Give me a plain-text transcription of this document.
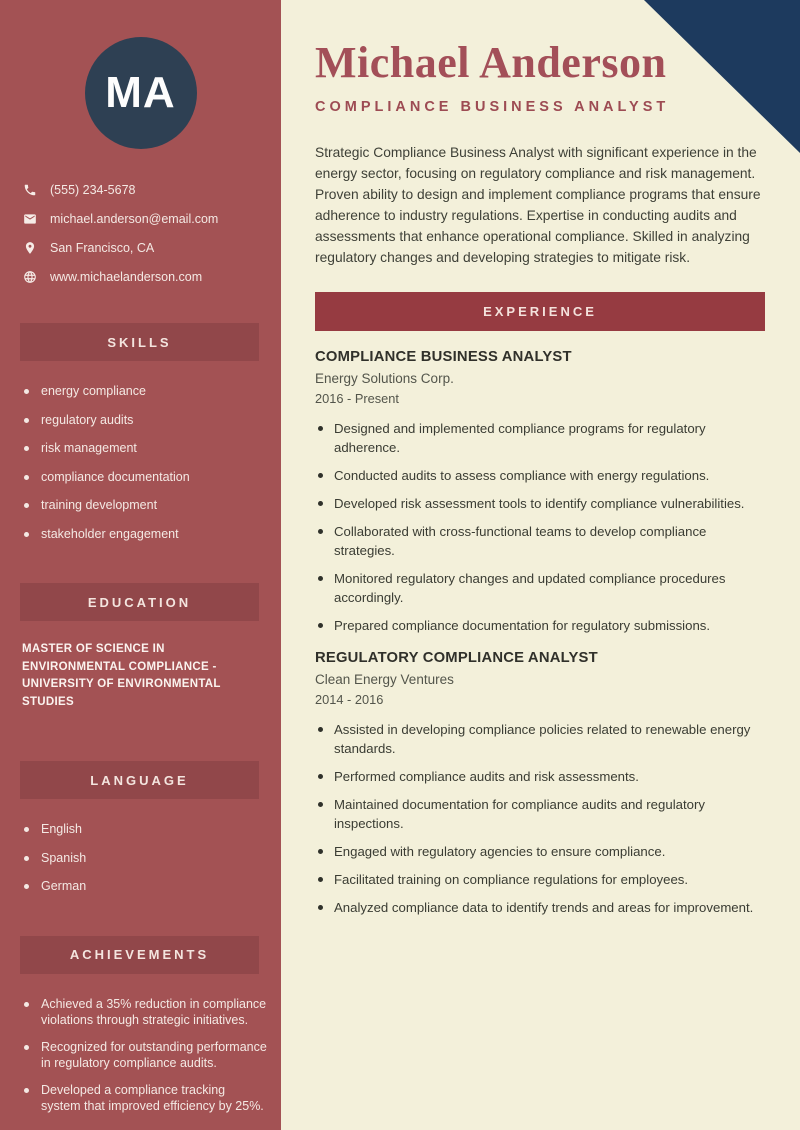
MA
(555) 234-5678
michael.anderson@email.com
San Francisco, CA
www.michaelanderson.com
SKILLS
energy compliance
regulatory audits
risk management
compliance documentation
training development
stakeholder engagement
EDUCATION
MASTER OF SCIENCE IN ENVIRONMENTAL COMPLIANCE - UNIVERSITY OF ENVIRONMENTAL STUDIES
LANGUAGE
English
Spanish
German
ACHIEVEMENTS
Achieved a 35% reduction in compliance violations through strategic initiatives.
Recognized for outstanding performance in regulatory compliance audits.
Developed a compliance tracking system that improved efficiency by 25%.
Michael Anderson
COMPLIANCE BUSINESS ANALYST

Strategic Compliance Business Analyst with significant experience in the energy sector, focusing on regulatory compliance and risk management. Proven ability to design and implement compliance programs that ensure adherence to industry regulations. Expertise in conducting audits and assessments that enhance operational compliance. Skilled in analyzing regulatory changes and developing strategies to mitigate risk.

EXPERIENCE
COMPLIANCE BUSINESS ANALYST
Energy Solutions Corp.
2016 - Present
Designed and implemented compliance programs for regulatory adherence.
Conducted audits to assess compliance with energy regulations.
Developed risk assessment tools to identify compliance vulnerabilities.
Collaborated with cross-functional teams to develop compliance strategies.
Monitored regulatory changes and updated compliance procedures accordingly.
Prepared compliance documentation for regulatory submissions.
REGULATORY COMPLIANCE ANALYST
Clean Energy Ventures
2014 - 2016
Assisted in developing compliance policies related to renewable energy standards.
Performed compliance audits and risk assessments.
Maintained documentation for compliance audits and regulatory inspections.
Engaged with regulatory agencies to ensure compliance.
Facilitated training on compliance regulations for employees.
Analyzed compliance data to identify trends and areas for improvement.
